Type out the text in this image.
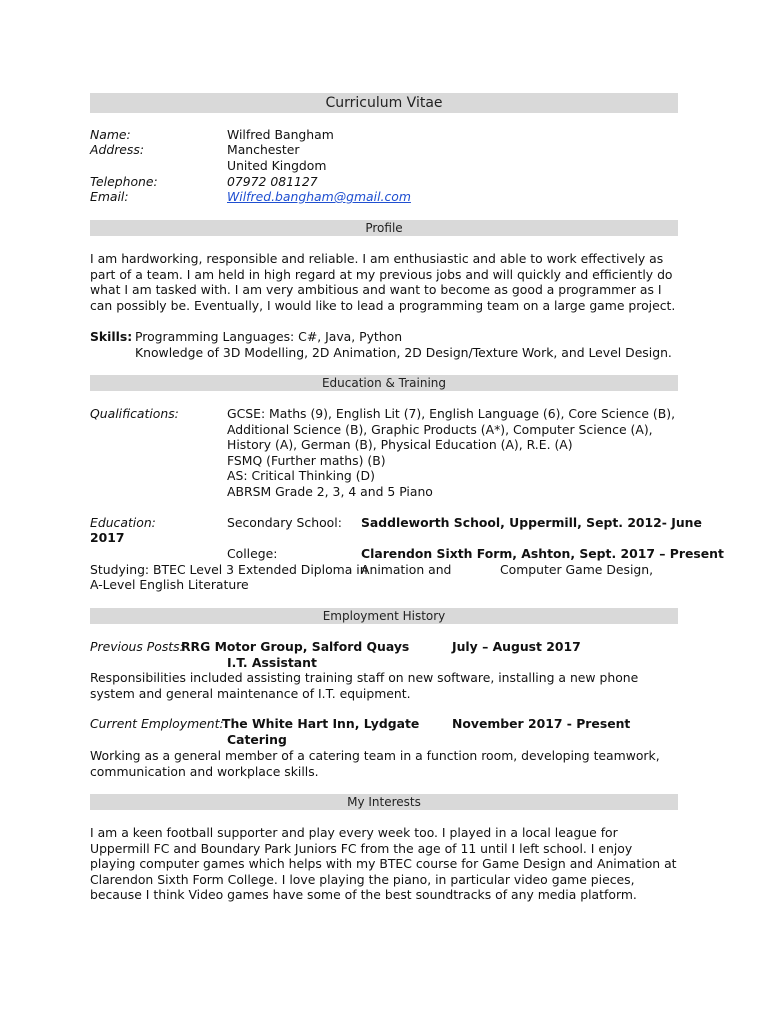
Curriculum Vitae
Name:	Wilfred Bangham
Address:	Manchester
United Kingdom
Telephone:	07972 081127
Email:	Wilfred.bangham@gmail.com
Profile
I am hardworking, responsible and reliable. I am enthusiastic and able to work effectively as part of a team. I am held in high regard at my previous jobs and will quickly and efficiently do what I am tasked with. I am very ambitious and want to become as good a programmer as I can possibly be. Eventually, I would like to lead a programming team on a large game project.
Skills: Programming Languages: C#, Java, Python
Knowledge of 3D Modelling, 2D Animation, 2D Design/Texture Work, and Level Design.
Education & Training
Qualifications:	GCSE: Maths (9), English Lit (7), English Language (6), Core Science (B),
Additional Science (B), Graphic Products (A*), Computer Science (A),
History (A), German (B), Physical Education (A), R.E. (A)
FSMQ (Further maths) (B)
AS: Critical Thinking (D)
ABRSM Grade 2, 3, 4 and 5 Piano
Education:	Secondary School: Saddleworth School, Uppermill, Sept. 2012- June
2017
College:	Clarendon Sixth Form, Ashton, Sept. 2017 – Present
Studying: BTEC Level 3 Extended Diploma in
Animation and	Computer Game Design,
A-Level English Literature
Employment History
Previous Posts:
RRG Motor Group, Salford Quays	July – August 2017
I.T. Assistant
Responsibilities included assisting training staff on new software, installing a new phone system and general maintenance of I.T. equipment.
Current Employment:
The White Hart Inn, Lydgate	November 2017 - Present
Catering
Working as a general member of a catering team in a function room, developing teamwork, communication and workplace skills.
My Interests
I am a keen football supporter and play every week too. I played in a local league for Uppermill FC and Boundary Park Juniors FC from the age of 11 until I left school. I enjoy playing computer games which helps with my BTEC course for Game Design and Animation at Clarendon Sixth Form College. I love playing the piano, in particular video game pieces, because I think Video games have some of the best soundtracks of any media platform.
